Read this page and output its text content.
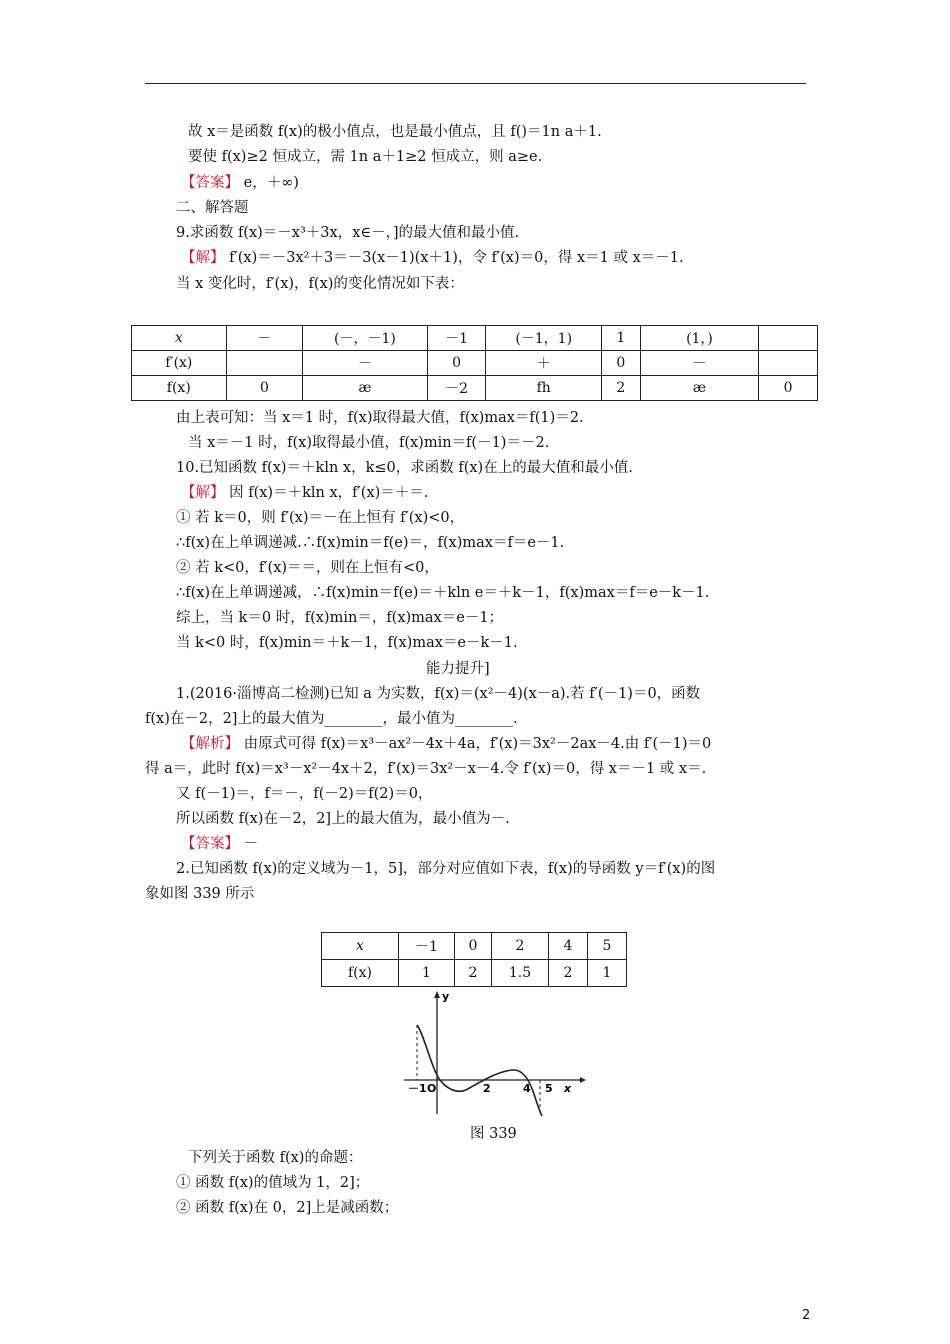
故 x＝是函数 f(x)的极小值点，也是最小值点，且 f()＝1n a＋1.
要使 f(x)≥2 恒成立，需 1n a＋1≥2 恒成立，则 a≥e.
【答案】 e，＋∞)
二、解答题
9.求函数 f(x)＝－x³＋3x，x∈－，]的最大值和最小值.
【解】 f′(x)＝－3x²＋3＝－3(x－1)(x＋1)，令 f′(x)＝0，得 x＝1 或 x＝－1.
当 x 变化时，f′(x)，f(x)的变化情况如下表：
x	－	(－，－1)	－1	(－1，1)	1	(1，)	
f′(x)		－	0	＋	0	－	
f(x)	0	æ	－2	fh	2	æ	0
由上表可知：当 x＝1 时，f(x)取得最大值，f(x)max＝f(1)＝2.
当 x＝－1 时，f(x)取得最小值，f(x)min＝f(－1)＝－2.
10.已知函数 f(x)＝＋kln x，k≤0，求函数 f(x)在上的最大值和最小值.
【解】 因 f(x)＝＋kln x，f′(x)＝＋＝.
① 若 k＝0，则 f′(x)＝－在上恒有 f′(x)<0，
∴f(x)在上单调递减.∴f(x)min＝f(e)＝，f(x)max＝f＝e－1.
② 若 k<0，f′(x)＝＝，则在上恒有<0，
∴f(x)在上单调递减，∴f(x)min＝f(e)＝＋kln e＝＋k－1，f(x)max＝f＝e－k－1.
综上，当 k＝0 时，f(x)min＝，f(x)max＝e－1；
当 k<0 时，f(x)min＝＋k－1，f(x)max＝e－k－1.
能力提升]
1.(2016·淄博高二检测)已知 a 为实数，f(x)＝(x²－4)(x－a).若 f′(－1)＝0，函数
f(x)在－2，2]上的最大值为________，最小值为________.
【解析】 由原式可得 f(x)＝x³－ax²－4x＋4a，f′(x)＝3x²－2ax－4.由 f′(－1)＝0
得 a＝，此时 f(x)＝x³－x²－4x＋2，f′(x)＝3x²－x－4.令 f′(x)＝0，得 x＝－1 或 x＝.
又 f(－1)＝，f＝－，f(－2)＝f(2)＝0，
所以函数 f(x)在－2，2]上的最大值为，最小值为－.
【答案】 －
2.已知函数 f(x)的定义域为－1，5]，部分对应值如下表，f(x)的导函数 y＝f′(x)的图
象如图 339 所示
x	－1	0	2	4	5
f(x)	1	2	1.5	2	1
y
x
－1 O	2	4 5
图 339
下列关于函数 f(x)的命题：
① 函数 f(x)的值域为 1，2]；
② 函数 f(x)在 0，2]上是减函数；
2
